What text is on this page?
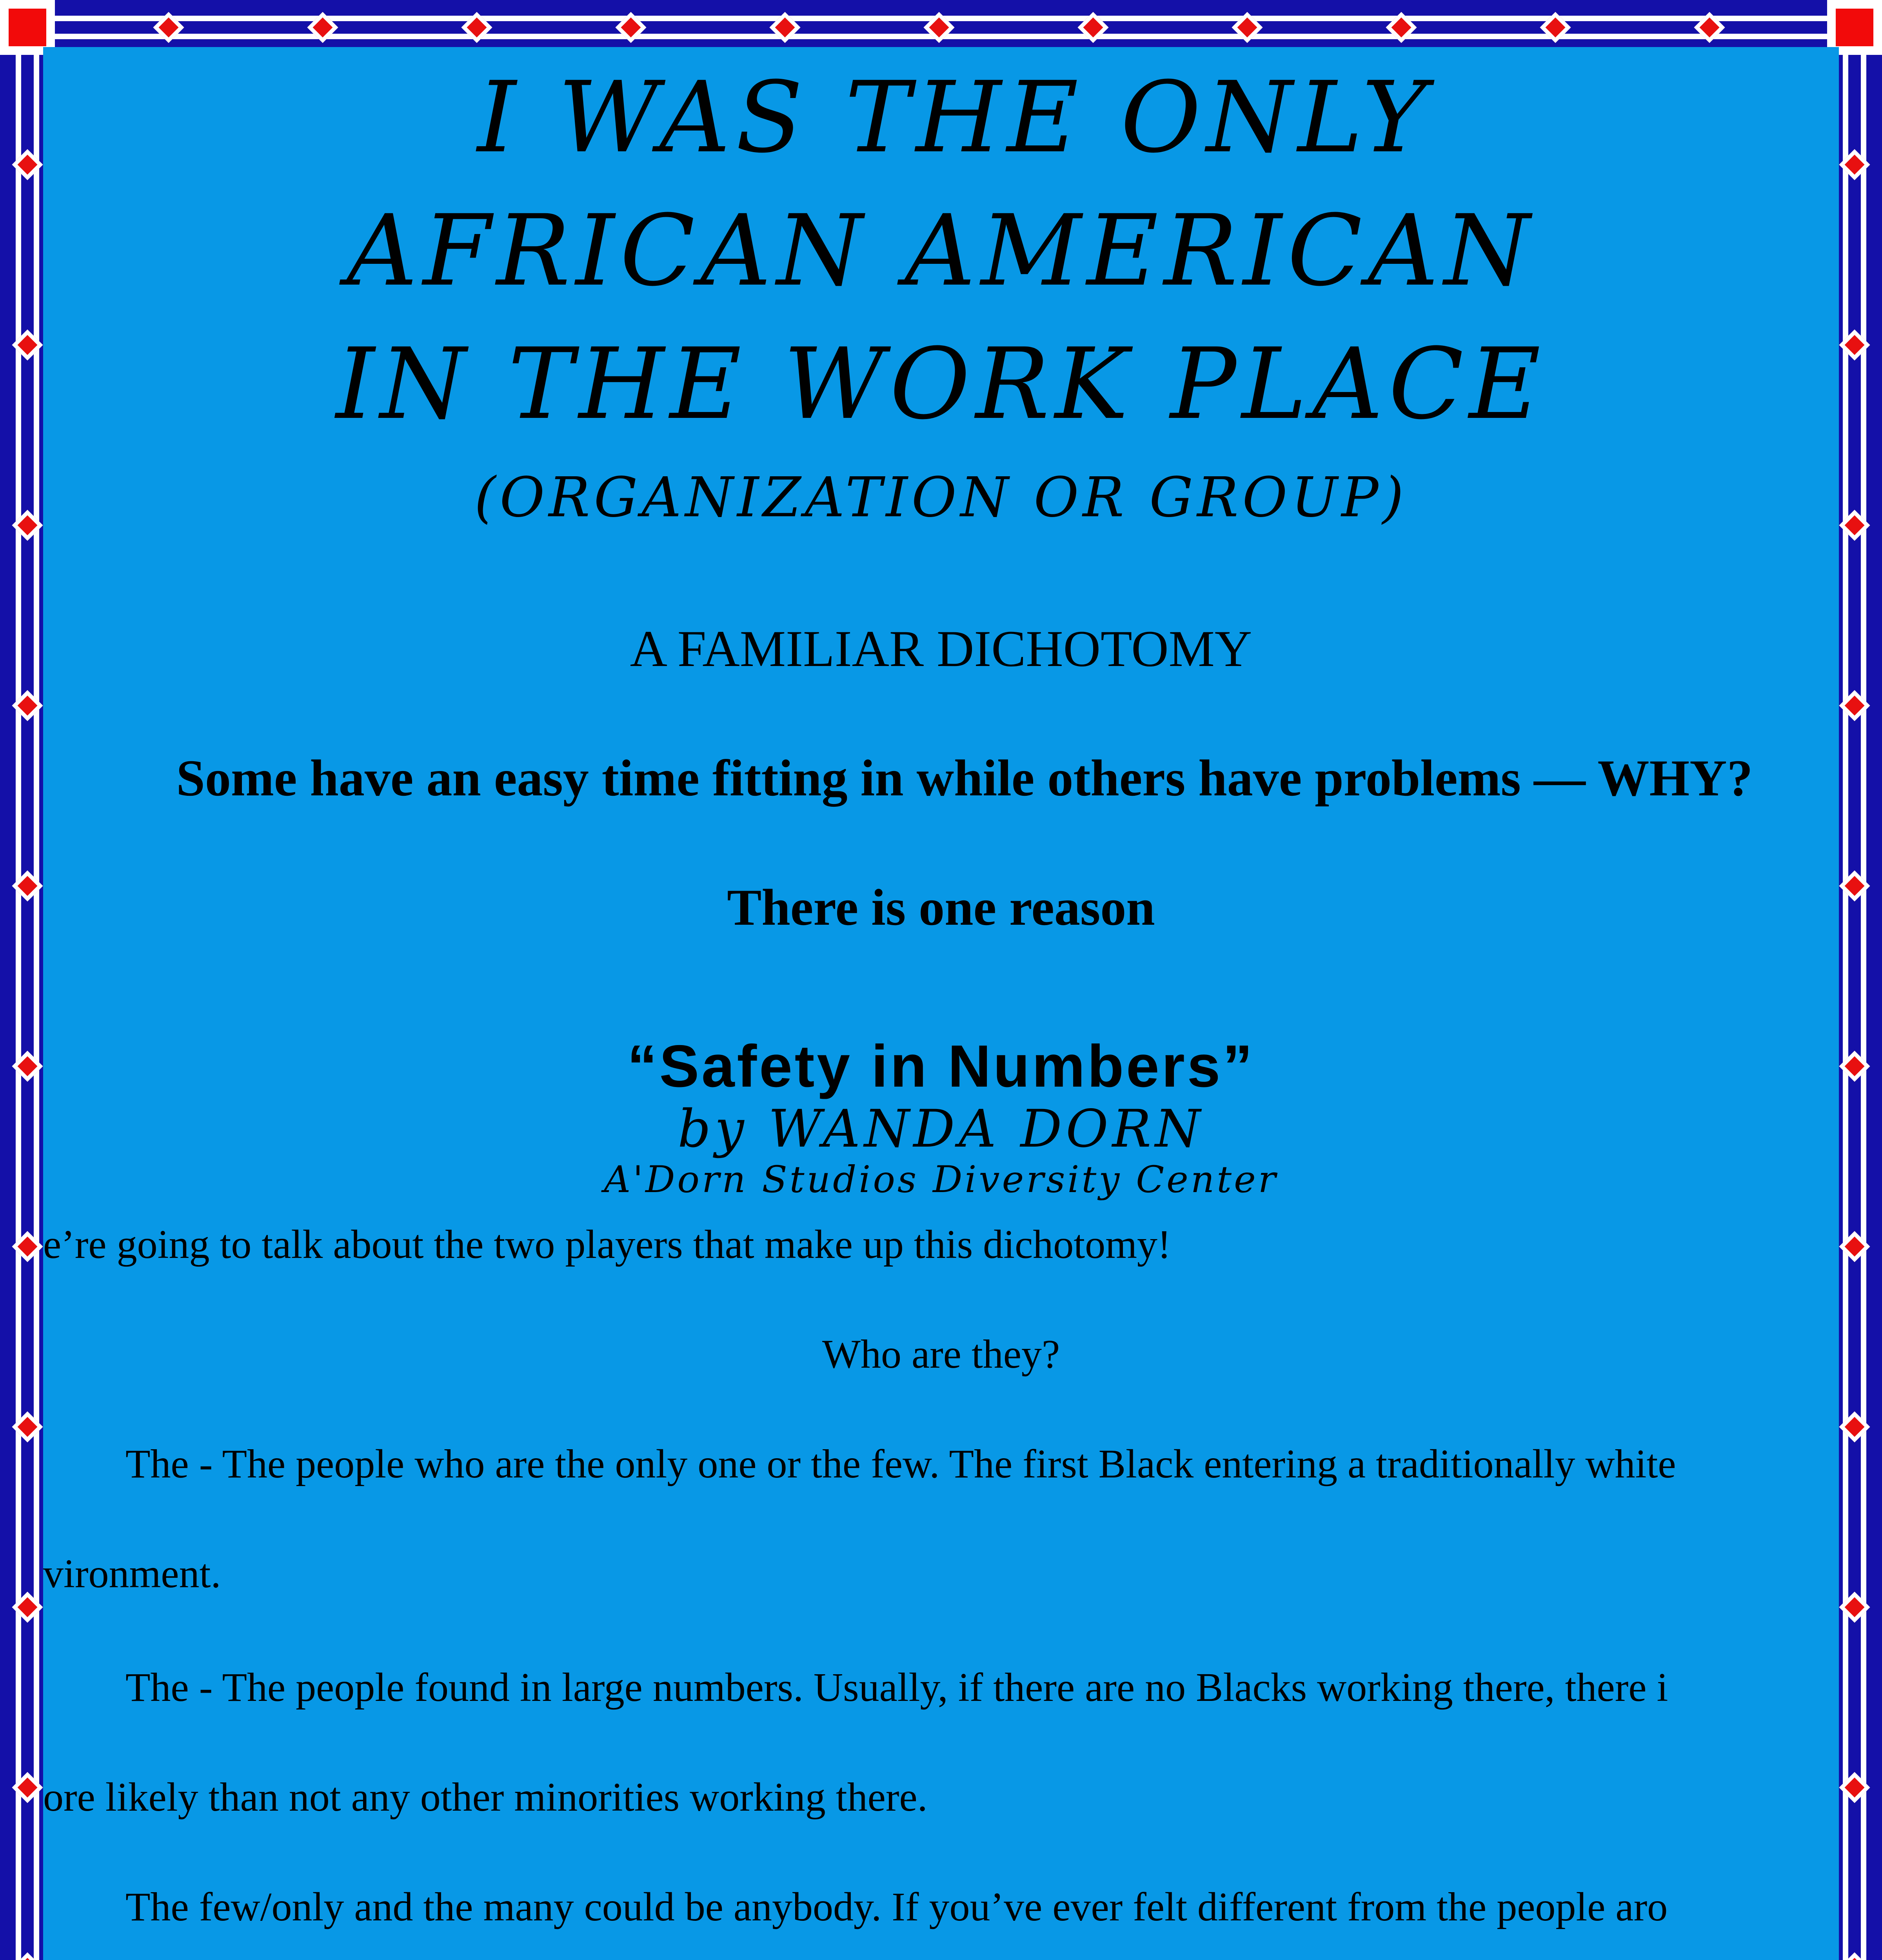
I WAS THE ONLY
AFRICAN AMERICAN
IN THE WORK PLACE
(ORGANIZATION OR GROUP)
A FAMILIAR DICHOTOMY
Some have an easy time fitting in while others have problems — WHY?
There is one reason
“Safety in Numbers”
by WANDA DORN
A'Dorn Studios Diversity Center
e’re going to talk about the two players that make up this dichotomy!
Who are they?
The - The people who are the only one or the few. The first Black entering a traditionally white
vironment.
The - The people found in large numbers. Usually, if there are no Blacks working there, there i
ore likely than not any other minorities working there.
The few/only and the many could be anybody. If you’ve ever felt different from the people aro
